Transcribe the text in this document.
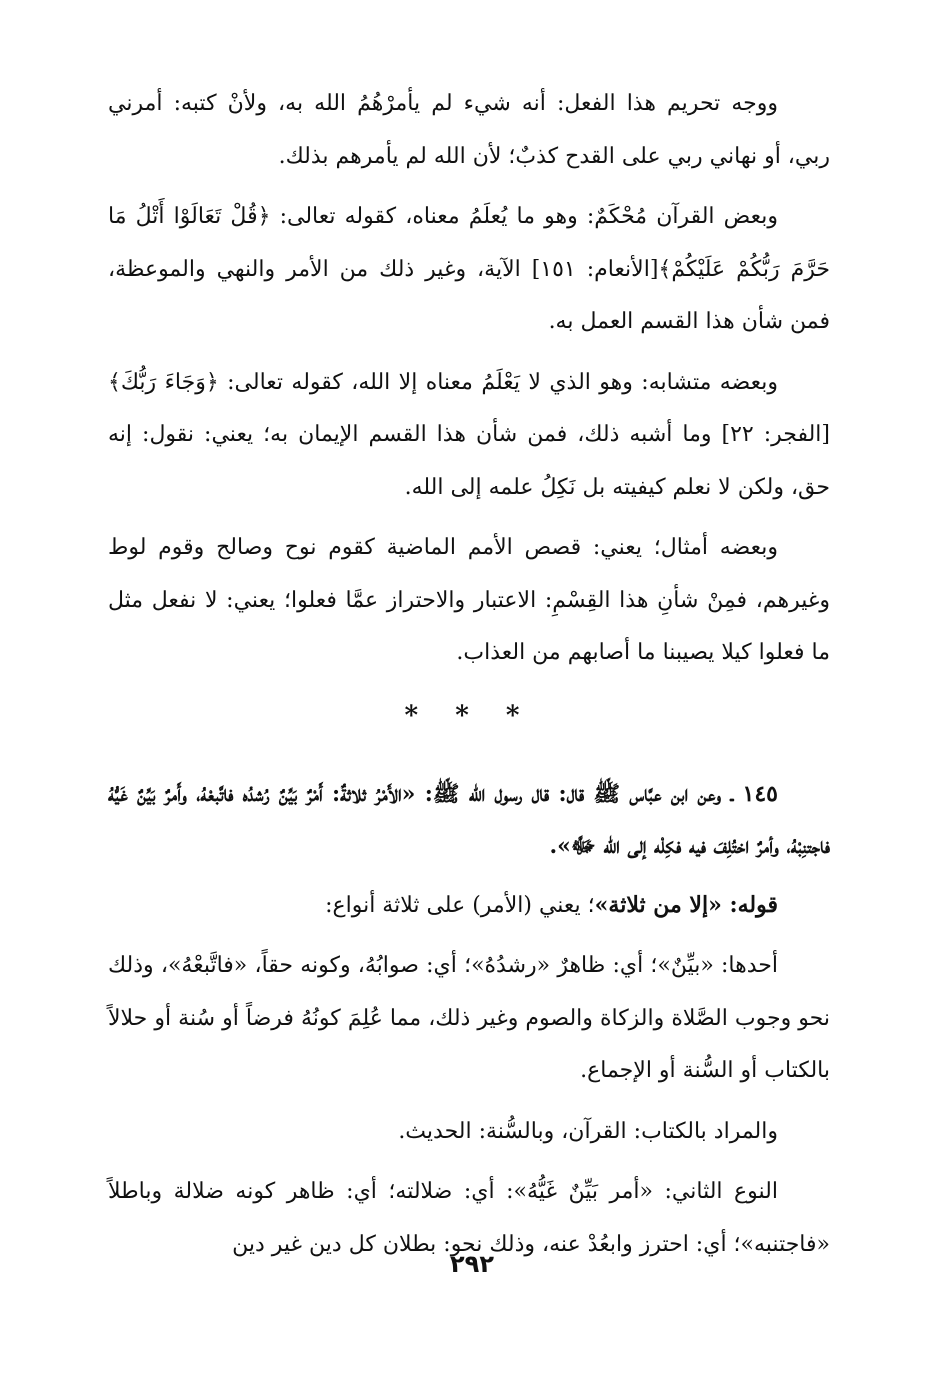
ووجه تحريم هذا الفعل: أنه شيء لم يأمرْهُمُ الله به، ولأنْ كتبه: أمرني ربي، أو نهاني ربي على القدح كذبٌ؛ لأن الله لم يأمرهم بذلك.

وبعض القرآن مُحْكَمٌ: وهو ما يُعلَمُ معناه، كقوله تعالى: ﴿قُلْ تَعَالَوْا أَتْلُ مَا حَرَّمَ رَبُّكُمْ عَلَيْكُمْ﴾[الأنعام: ١٥١] الآية، وغير ذلك من الأمر والنهي والموعظة، فمن شأن هذا القسم العمل به.

وبعضه متشابه: وهو الذي لا يَعْلَمُ معناه إلا الله، كقوله تعالى: ﴿وَجَاءَ رَبُّكَ﴾[الفجر: ٢٢] وما أشبه ذلك، فمن شأن هذا القسم الإيمان به؛ يعني: نقول: إنه حق، ولكن لا نعلم كيفيته بل نَكِلُ علمه إلى الله.

وبعضه أمثال؛ يعني: قصص الأمم الماضية كقوم نوح وصالح وقوم لوط وغيرهم، فمِنْ شأنِ هذا القِسْمِ: الاعتبار والاحتراز عمَّا فعلوا؛ يعني: لا نفعل مثل ما فعلوا كيلا يصيبنا ما أصابهم من العذاب.

* * *

١٤٥ ـ وعن ابن عبَّاس ﷺ قال: قال رسول الله ﷺ: «الأَمْرُ ثلاثةٌ: أَمْرٌ بَيِّنٌ رُشدُه فاتَّبعْهُ، وأَمرٌ بَيِّنٌ غَيُّهُ فاجتنِبْهُ، وأمرٌ اختُلِفَ فيه فكِلْه إلى الله ﷻ».

قوله: «إلا من ثلاثة»؛ يعني (الأمر) على ثلاثة أنواع:

أحدها: «بيِّنٌ»؛ أي: ظاهرٌ «رشدُهُ»؛ أي: صوابُهُ، وكونه حقاً، «فاتَّبعْهُ»، وذلك نحو وجوب الصَّلاة والزكاة والصوم وغير ذلك، مما عُلِمَ كونُهُ فرضاً أو سُنة أو حلالاً بالكتاب أو السُّنة أو الإجماع.

والمراد بالكتاب: القرآن، وبالسُّنة: الحديث.

النوع الثاني: «أمر بَيِّنٌ غَيُّهُ»: أي: ضلالته؛ أي: ظاهر كونه ضلالة وباطلاً «فاجتنبه»؛ أي: احترز وابعُدْ عنه، وذلك نحو: بطلان كل دين غير دين

٢٩٢
